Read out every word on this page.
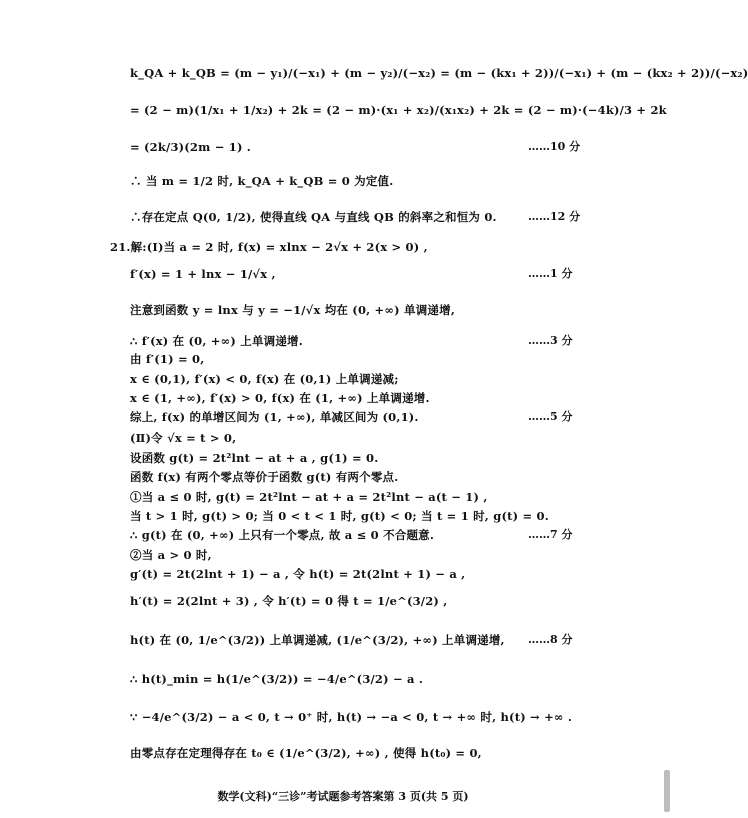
k_QA + k_QB = (m − y₁)/(−x₁) + (m − y₂)/(−x₂) = (m − (kx₁ + 2))/(−x₁) + (m − (kx₂ + 2))/(−x₂)
= (2 − m)(1/x₁ + 1/x₂) + 2k = (2 − m)·(x₁ + x₂)/(x₁x₂) + 2k = (2 − m)·(−4k)/3 + 2k
= (2k/3)(2m − 1) .
∴ 当 m = 1/2 时, k_QA + k_QB = 0 为定值.
∴存在定点 Q(0, 1/2), 使得直线 QA 与直线 QB 的斜率之和恒为 0.
21.解:(Ⅰ)当 a = 2 时, f(x) = xlnx − 2√x + 2(x > 0) ,
f′(x) = 1 + lnx − 1/√x ,
注意到函数 y = lnx 与 y = −1/√x 均在 (0, +∞) 单调递增,
∴ f′(x) 在 (0, +∞) 上单调递增.
由 f′(1) = 0,
x ∈ (0,1), f′(x) < 0, f(x) 在 (0,1) 上单调递减;
x ∈ (1, +∞), f′(x) > 0, f(x) 在 (1, +∞) 上单调递增.
综上, f(x) 的单增区间为 (1, +∞), 单减区间为 (0,1).
(Ⅱ)令 √x = t > 0,
设函数 g(t) = 2t²lnt − at + a , g(1) = 0.
函数 f(x) 有两个零点等价于函数 g(t) 有两个零点.
①当 a ≤ 0 时, g(t) = 2t²lnt − at + a = 2t²lnt − a(t − 1) ,
当 t > 1 时, g(t) > 0; 当 0 < t < 1 时, g(t) < 0; 当 t = 1 时, g(t) = 0.
∴ g(t) 在 (0, +∞) 上只有一个零点, 故 a ≤ 0 不合题意.
②当 a > 0 时,
g′(t) = 2t(2lnt + 1) − a , 令 h(t) = 2t(2lnt + 1) − a ,
h′(t) = 2(2lnt + 3) , 令 h′(t) = 0 得 t = 1/e^(3/2) ,
h(t) 在 (0, 1/e^(3/2)) 上单调递减, (1/e^(3/2), +∞) 上单调递增,
∴ h(t)_min = h(1/e^(3/2)) = −4/e^(3/2) − a .
∵ −4/e^(3/2) − a < 0, t → 0⁺ 时, h(t) → −a < 0, t → +∞ 时, h(t) → +∞ .
由零点存在定理得存在 t₀ ∈ (1/e^(3/2), +∞) , 使得 h(t₀) = 0,
……10 分
……12 分
……1 分
……3 分
……5 分
……7 分
……8 分
数学(文科)“三诊”考试题参考答案第 3 页(共 5 页)
